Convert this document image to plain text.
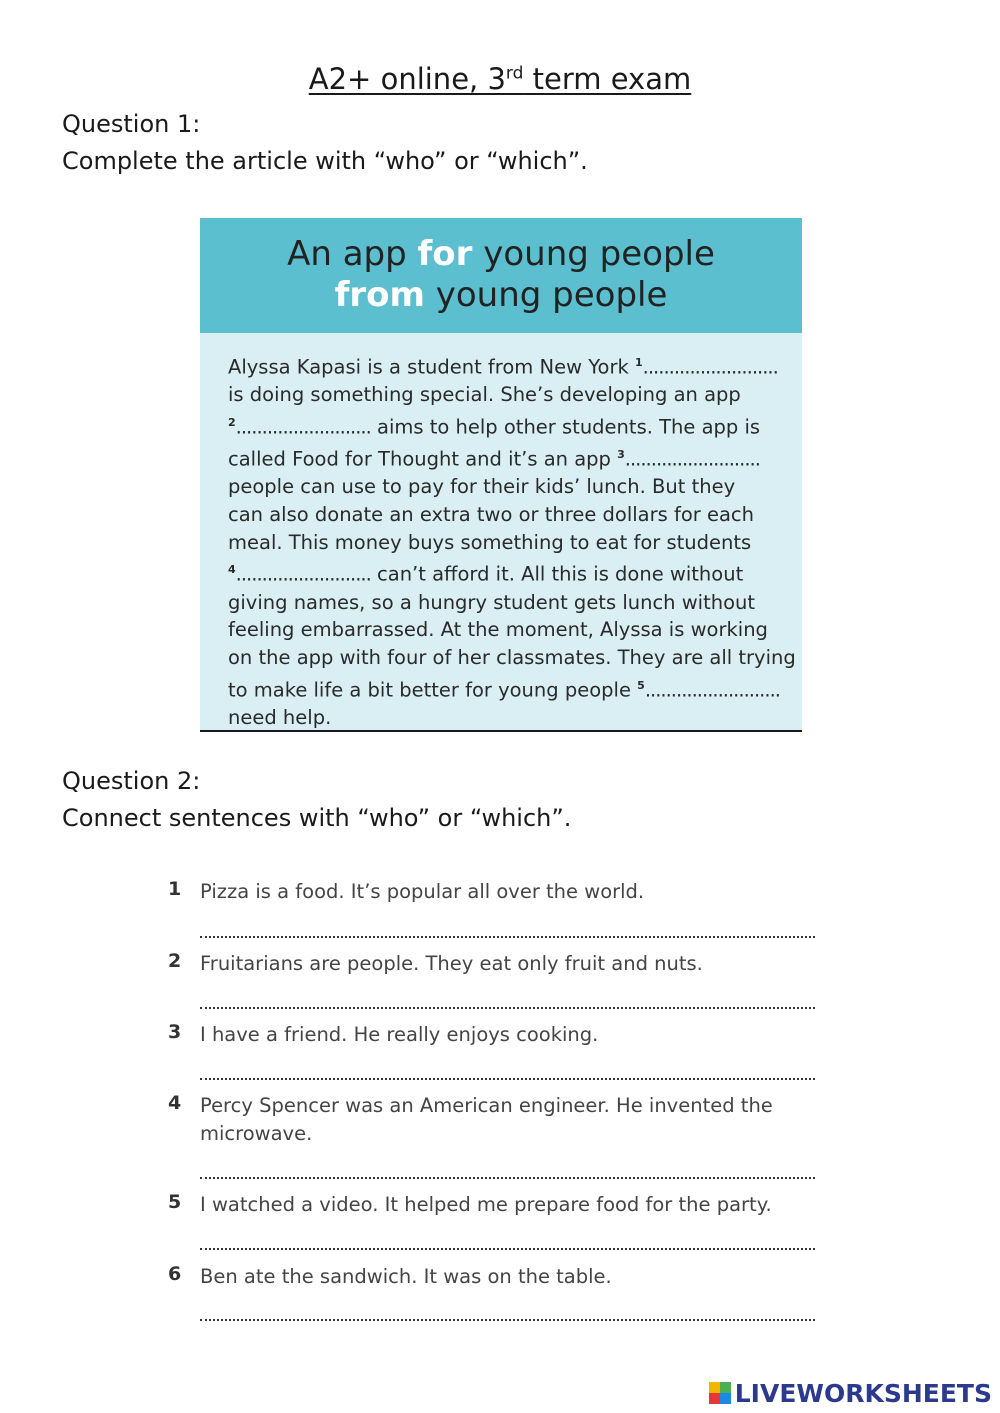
A2+ online, 3rd term exam
Question 1:
Complete the article with “who” or “which”.
An app for young people
from young people
Alyssa Kapasi is a student from New York $^1$..........................
is doing something special. She’s developing an app
$^2$.......................... aims to help other students. The app is
called Food for Thought and it’s an app $^3$..........................
people can use to pay for their kids’ lunch. But they
can also donate an extra two or three dollars for each
meal. This money buys something to eat for students
$^4$.......................... can’t afford it. All this is done without
giving names, so a hungry student gets lunch without
feeling embarrassed. At the moment, Alyssa is working
on the app with four of her classmates. They are all trying
to make life a bit better for young people $^5$..........................
need help.
Question 2:
Connect sentences with “who” or “which”.
1 Pizza is a food. It’s popular all over the world.
2 Fruitarians are people. They eat only fruit and nuts.
3 I have a friend. He really enjoys cooking.
4 Percy Spencer was an American engineer. He invented the microwave.
5 I watched a video. It helped me prepare food for the party.
6 Ben ate the sandwich. It was on the table.
LIVEWORKSHEETS
